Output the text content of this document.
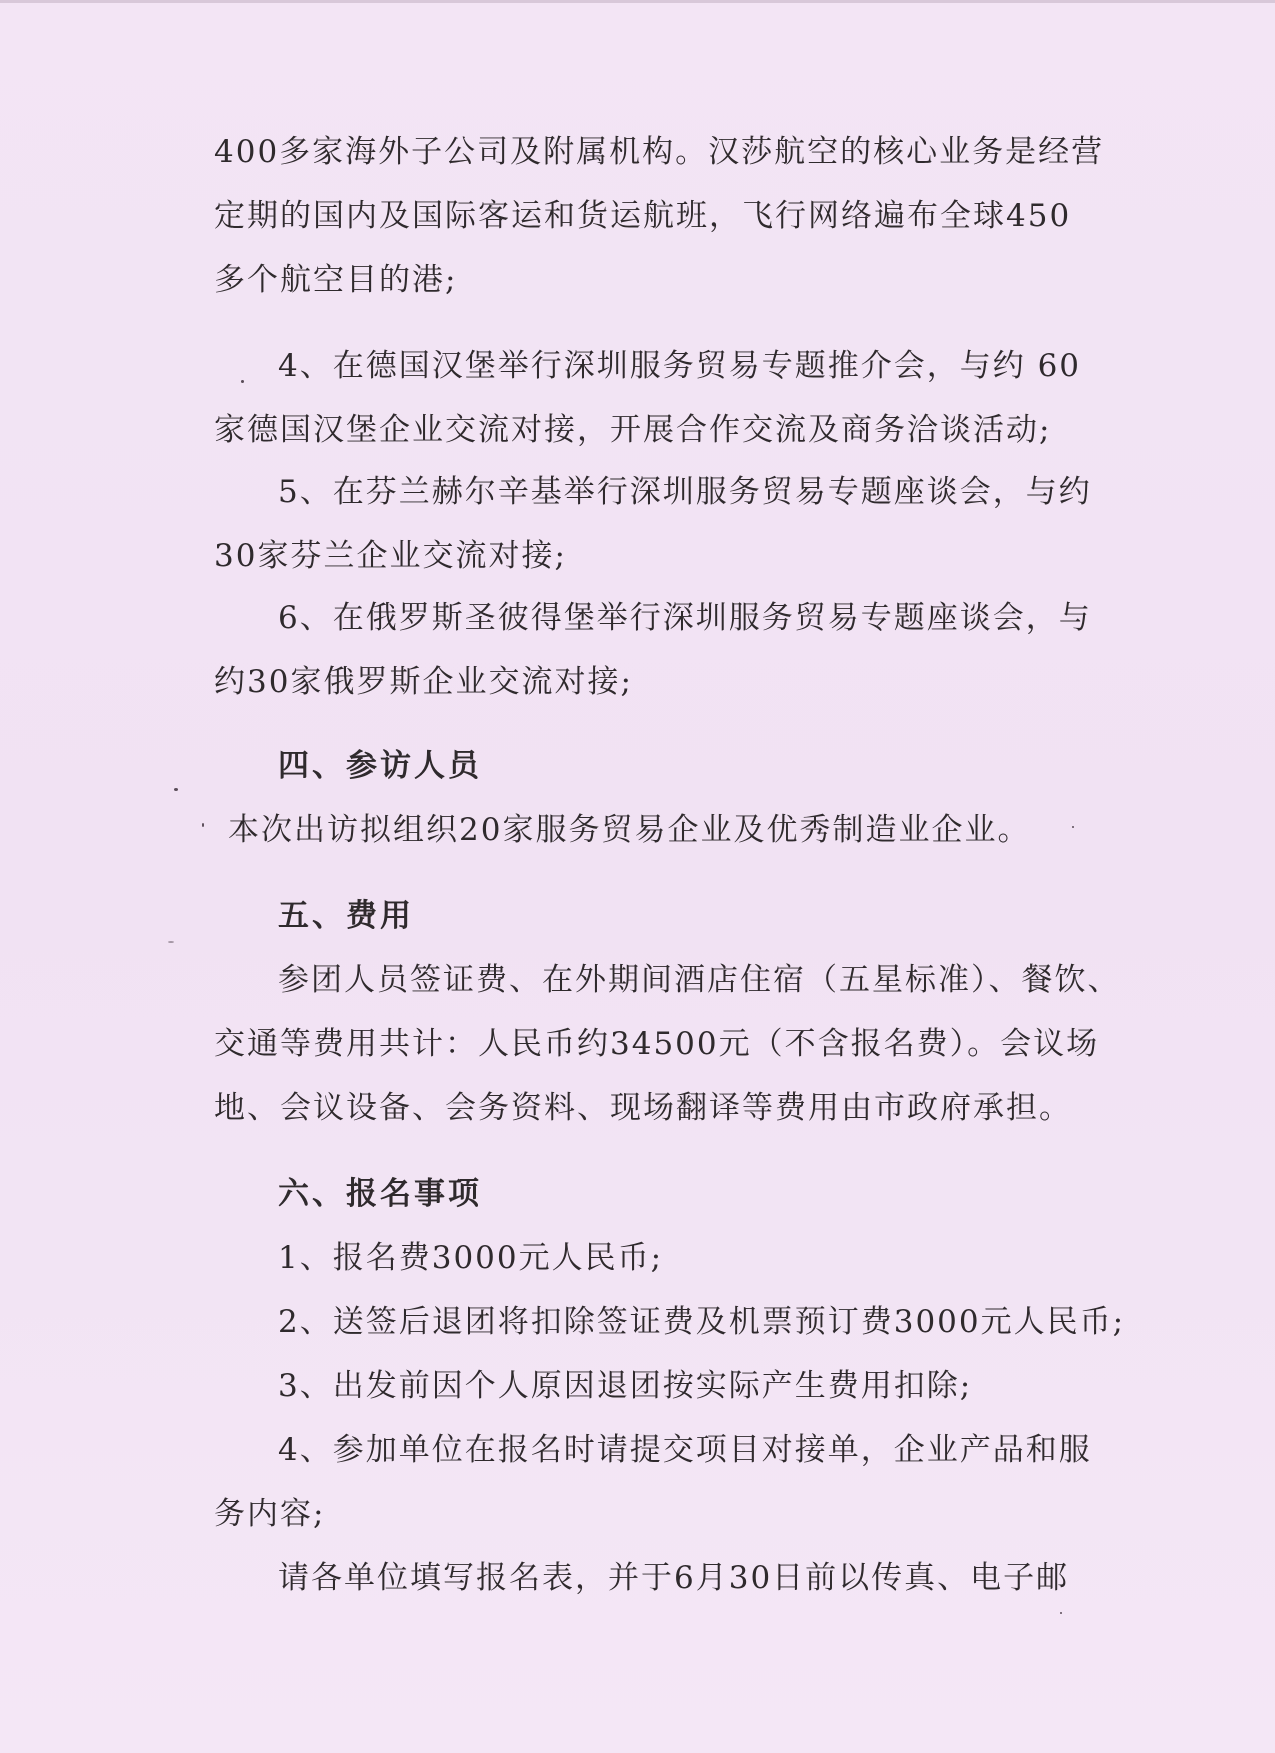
400多家海外子公司及附属机构。汉莎航空的核心业务是经营

定期的国内及国际客运和货运航班，飞行网络遍布全球450

多个航空目的港;

4、在德国汉堡举行深圳服务贸易专题推介会，与约 60

家德国汉堡企业交流对接，开展合作交流及商务洽谈活动;

5、在芬兰赫尔辛基举行深圳服务贸易专题座谈会，与约

30家芬兰企业交流对接;

6、在俄罗斯圣彼得堡举行深圳服务贸易专题座谈会，与

约30家俄罗斯企业交流对接;

四、参访人员

本次出访拟组织20家服务贸易企业及优秀制造业企业。

五、费用

参团人员签证费、在外期间酒店住宿（五星标准）、餐饮、

交通等费用共计：人民币约34500元（不含报名费）。会议场

地、会议设备、会务资料、现场翻译等费用由市政府承担。

六、报名事项

1、报名费3000元人民币;

2、送签后退团将扣除签证费及机票预订费3000元人民币;

3、出发前因个人原因退团按实际产生费用扣除;

4、参加单位在报名时请提交项目对接单，企业产品和服

务内容;

请各单位填写报名表，并于6月30日前以传真、电子邮
